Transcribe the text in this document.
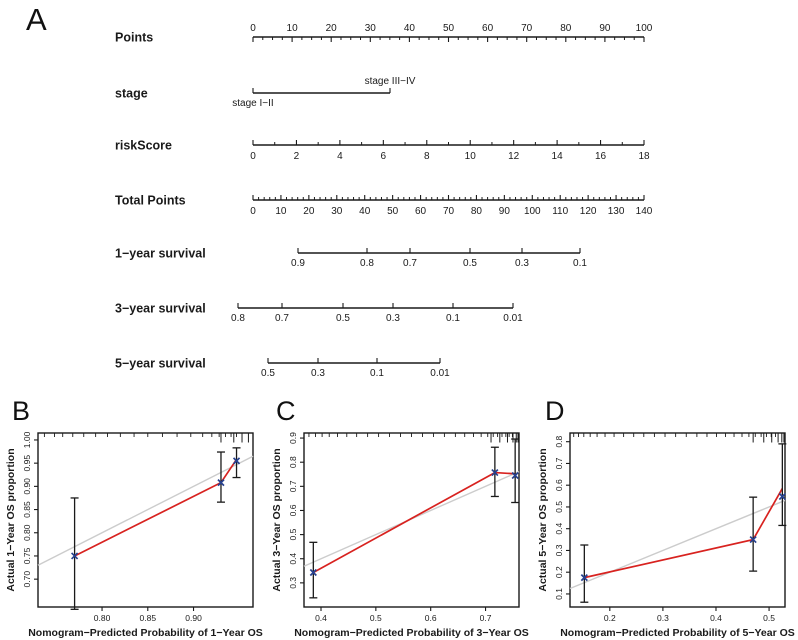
A
Points
0	10	20	30	40	50	60	70	80	90	100
stage
stage I−II
stage III−IV
riskScore
0	2	4	6	8	10	12	14	16	18
Total Points
0 10 20 30 40 50 60 70 80 90 100 110 120 130 140
1−year survival
0.9	0.8	0.7	0.5	0.3	0.1
3−year survival
0.8	0.7	0.5	0.3	0.1	0.01
5−year survival
0.5	0.3	0.1	0.01
B
0.80	0.85	0.90
0.70
0.75
0.80
0.85
0.90
0.95
1.00
Nomogram−Predicted Probability of 1−Year OS
Actual 1−Year OS proportion
C
0.4	0.5	0.6	0.7
0.3
0.4
0.5
0.6
0.7
0.8
0.9
Nomogram−Predicted Probability of 3−Year OS
Actual 3−Year OS proportion
D
0.2	0.3	0.4	0.5
0.1
0.2
0.3
0.4
0.5
0.6
0.7
0.8
Nomogram−Predicted Probability of 5−Year OS
Actual 5−Year OS proportion
